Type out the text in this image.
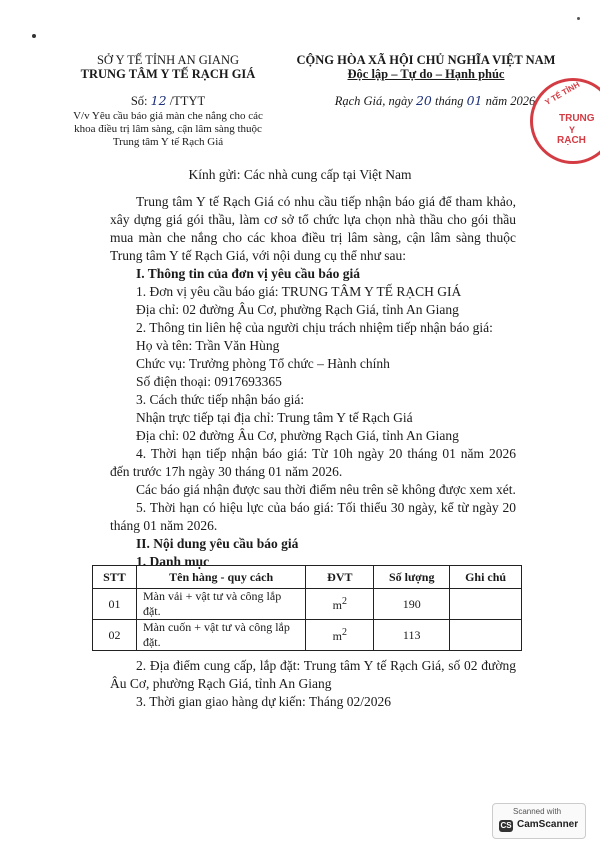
SỞ Y TẾ TỈNH AN GIANG
TRUNG TÂM Y TẾ RẠCH GIÁ
CỘNG HÒA XÃ HỘI CHỦ NGHĨA VIỆT NAM
Độc lập – Tự do – Hạnh phúc
Số: 12 /TTYT
V/v Yêu cầu báo giá màn che nắng cho các khoa điều trị lâm sàng, cận lâm sàng thuộc Trung tâm Y tế Rạch Giá
Rạch Giá, ngày 20 tháng 01 năm 2026	Y TẾ TỈNH
TRUNG
Y
RẠCH
Kính gửi: Các nhà cung cấp tại Việt Nam

Trung tâm Y tế Rạch Giá có nhu cầu tiếp nhận báo giá để tham khảo, xây dựng giá gói thầu, làm cơ sở tổ chức lựa chọn nhà thầu cho gói thầu mua màn che nắng cho các khoa điều trị lâm sàng, cận lâm sàng thuộc Trung tâm Y tế Rạch Giá, với nội dung cụ thể như sau:

I. Thông tin của đơn vị yêu cầu báo giá

1. Đơn vị yêu cầu báo giá: TRUNG TÂM Y TẾ RẠCH GIÁ

Địa chỉ: 02 đường Âu Cơ, phường Rạch Giá, tỉnh An Giang

2. Thông tin liên hệ của người chịu trách nhiệm tiếp nhận báo giá:

Họ và tên: Trần Văn Hùng

Chức vụ: Trưởng phòng Tổ chức – Hành chính

Số điện thoại: 0917693365

3. Cách thức tiếp nhận báo giá:

Nhận trực tiếp tại địa chỉ: Trung tâm Y tế Rạch Giá

Địa chỉ: 02 đường Âu Cơ, phường Rạch Giá, tỉnh An Giang

4. Thời hạn tiếp nhận báo giá: Từ 10h ngày 20 tháng 01 năm 2026 đến trước 17h ngày 30 tháng 01 năm 2026.

Các báo giá nhận được sau thời điểm nêu trên sẽ không được xem xét.

5. Thời hạn có hiệu lực của báo giá: Tối thiểu 30 ngày, kể từ ngày 20 tháng 01 năm 2026.

II. Nội dung yêu cầu báo giá

1. Danh mục

STT	Tên hàng - quy cách	ĐVT	Số lượng	Ghi chú
01	Màn vải + vật tư và công lắp đặt.	$m^2$	190	
02	Màn cuốn + vật tư và công lắp đặt.	$m^2$	113	

2. Địa điểm cung cấp, lắp đặt: Trung tâm Y tế Rạch Giá, số 02 đường Âu Cơ, phường Rạch Giá, tỉnh An Giang

3. Thời gian giao hàng dự kiến: Tháng 02/2026

Scanned with
CS CamScanner
